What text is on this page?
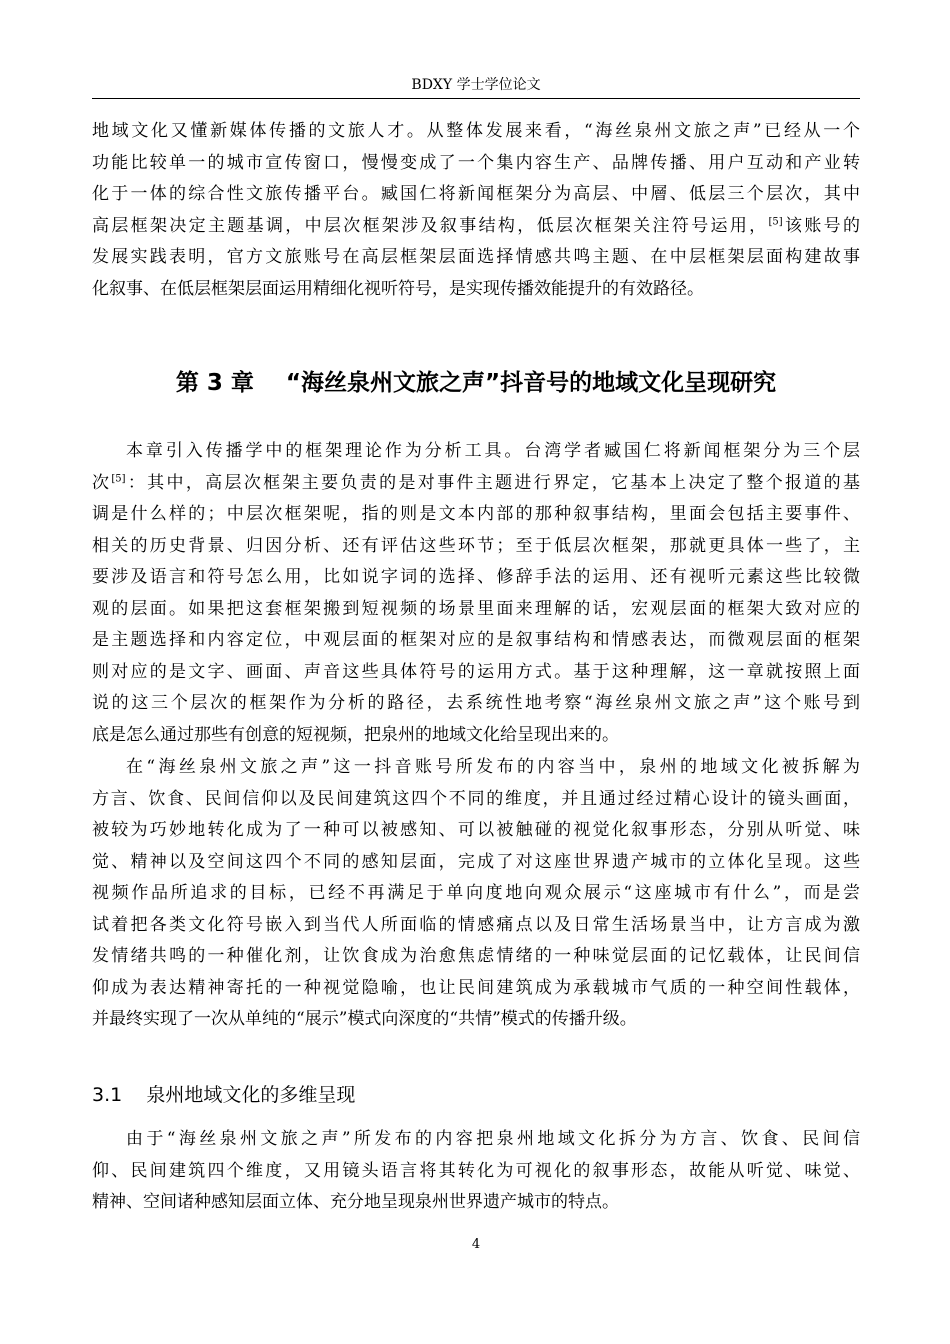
BDXY 学士学位论文
地域文化又懂新媒体传播的文旅人才。从整体发展来看，“海丝泉州文旅之声”已经从一个
功能比较单一的城市宣传窗口，慢慢变成了一个集内容生产、品牌传播、用户互动和产业转
化于一体的综合性文旅传播平台。臧国仁将新闻框架分为高层、中層、低层三个层次，其中
高层框架决定主题基调，中层次框架涉及叙事结构，低层次框架关注符号运用，[5]该账号的
发展实践表明，官方文旅账号在高层框架层面选择情感共鸣主题、在中层框架层面构建故事
化叙事、在低层框架层面运用精细化视听符号，是实现传播效能提升的有效路径。
第 3 章    “海丝泉州文旅之声”抖音号的地域文化呈现研究
本章引入传播学中的框架理论作为分析工具。台湾学者臧国仁将新闻框架分为三个层
次[5]：其中，高层次框架主要负责的是对事件主题进行界定，它基本上决定了整个报道的基
调是什么样的；中层次框架呢，指的则是文本内部的那种叙事结构，里面会包括主要事件、
相关的历史背景、归因分析、还有评估这些环节；至于低层次框架，那就更具体一些了，主
要涉及语言和符号怎么用，比如说字词的选择、修辞手法的运用、还有视听元素这些比较微
观的层面。如果把这套框架搬到短视频的场景里面来理解的话，宏观层面的框架大致对应的
是主题选择和内容定位，中观层面的框架对应的是叙事结构和情感表达，而微观层面的框架
则对应的是文字、画面、声音这些具体符号的运用方式。基于这种理解，这一章就按照上面
说的这三个层次的框架作为分析的路径，去系统性地考察“海丝泉州文旅之声”这个账号到
底是怎么通过那些有创意的短视频，把泉州的地域文化给呈现出来的。
在“海丝泉州文旅之声”这一抖音账号所发布的内容当中，泉州的地域文化被拆解为
方言、饮食、民间信仰以及民间建筑这四个不同的维度，并且通过经过精心设计的镜头画面，
被较为巧妙地转化成为了一种可以被感知、可以被触碰的视觉化叙事形态，分别从听觉、味
觉、精神以及空间这四个不同的感知层面，完成了对这座世界遗产城市的立体化呈现。这些
视频作品所追求的目标，已经不再满足于单向度地向观众展示“这座城市有什么”，而是尝
试着把各类文化符号嵌入到当代人所面临的情感痛点以及日常生活场景当中，让方言成为激
发情绪共鸣的一种催化剂，让饮食成为治愈焦虑情绪的一种味觉层面的记忆载体，让民间信
仰成为表达精神寄托的一种视觉隐喻，也让民间建筑成为承载城市气质的一种空间性载体，
并最终实现了一次从单纯的“展示”模式向深度的“共情”模式的传播升级。
3.1    泉州地域文化的多维呈现
由于“海丝泉州文旅之声”所发布的内容把泉州地域文化拆分为方言、饮食、民间信
仰、民间建筑四个维度，又用镜头语言将其转化为可视化的叙事形态，故能从听觉、味觉、
精神、空间诸种感知层面立体、充分地呈现泉州世界遗产城市的特点。
4
